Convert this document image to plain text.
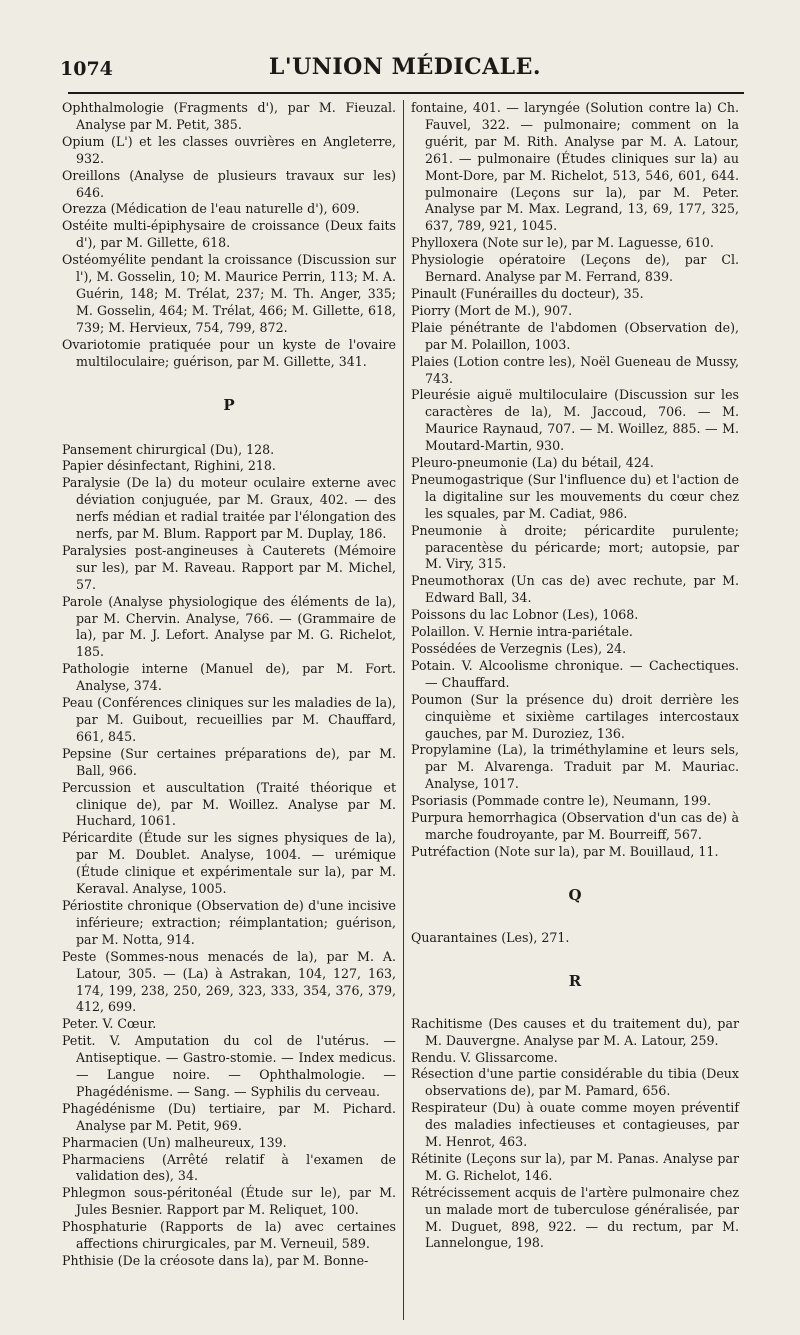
1074	L'UNION MÉDICALE.

Ophthalmologie (Fragments d'), par M. Fieuzal. Analyse par M. Petit, 385.

Opium (L') et les classes ouvrières en Angleterre, 932.

Oreillons (Analyse de plusieurs travaux sur les) 646.

Orezza (Médication de l'eau naturelle d'), 609.

Ostéite multi-épiphysaire de croissance (Deux faits d'), par M. Gillette, 618.

Ostéomyélite pendant la croissance (Discussion sur l'), M. Gosselin, 10; M. Maurice Perrin, 113; M. A. Guérin, 148; M. Trélat, 237; M. Th. Anger, 335; M. Gosselin, 464; M. Trélat, 466; M. Gillette, 618, 739; M. Hervieux, 754, 799, 872.

Ovariotomie pratiquée pour un kyste de l'ovaire multiloculaire; guérison, par M. Gillette, 341.

P

Pansement chirurgical (Du), 128.

Papier désinfectant, Righini, 218.

Paralysie (De la) du moteur oculaire externe avec déviation conjuguée, par M. Graux, 402. — des nerfs médian et radial traitée par l'élongation des nerfs, par M. Blum. Rapport par M. Duplay, 186.

Paralysies post-angineuses à Cauterets (Mémoire sur les), par M. Raveau. Rapport par M. Michel, 57.

Parole (Analyse physiologique des éléments de la), par M. Chervin. Analyse, 766. — (Grammaire de la), par M. J. Lefort. Analyse par M. G. Richelot, 185.

Pathologie interne (Manuel de), par M. Fort. Analyse, 374.

Peau (Conférences cliniques sur les maladies de la), par M. Guibout, recueillies par M. Chauffard, 661, 845.

Pepsine (Sur certaines préparations de), par M. Ball, 966.

Percussion et auscultation (Traité théorique et clinique de), par M. Woillez. Analyse par M. Huchard, 1061.

Péricardite (Étude sur les signes physiques de la), par M. Doublet. Analyse, 1004. — urémique (Étude clinique et expérimentale sur la), par M. Keraval. Analyse, 1005.

Périostite chronique (Observation de) d'une incisive inférieure; extraction; réimplantation; guérison, par M. Notta, 914.

Peste (Sommes-nous menacés de la), par M. A. Latour, 305. — (La) à Astrakan, 104, 127, 163, 174, 199, 238, 250, 269, 323, 333, 354, 376, 379, 412, 699.

Peter. V. Cœur.

Petit. V. Amputation du col de l'utérus. — Antiseptique. — Gastro-stomie. — Index medicus. — Langue noire. — Ophthalmologie. — Phagédénisme. — Sang. — Syphilis du cerveau.

Phagédénisme (Du) tertiaire, par M. Pichard. Analyse par M. Petit, 969.

Pharmacien (Un) malheureux, 139.

Pharmaciens (Arrêté relatif à l'examen de validation des), 34.

Phlegmon sous-péritonéal (Étude sur le), par M. Jules Besnier. Rapport par M. Reliquet, 100.

Phosphaturie (Rapports de la) avec certaines affections chirurgicales, par M. Verneuil, 589.

Phthisie (De la créosote dans la), par M. Bonne-

fontaine, 401. — laryngée (Solution contre la) Ch. Fauvel, 322. — pulmonaire; comment on la guérit, par M. Rith. Analyse par M. A. Latour, 261. — pulmonaire (Études cliniques sur la) au Mont-Dore, par M. Richelot, 513, 546, 601, 644. pulmonaire (Leçons sur la), par M. Peter. Analyse par M. Max. Legrand, 13, 69, 177, 325, 637, 789, 921, 1045.

Phylloxera (Note sur le), par M. Laguesse, 610.

Physiologie opératoire (Leçons de), par Cl. Bernard. Analyse par M. Ferrand, 839.

Pinault (Funérailles du docteur), 35.

Piorry (Mort de M.), 907.

Plaie pénétrante de l'abdomen (Observation de), par M. Polaillon, 1003.

Plaies (Lotion contre les), Noël Gueneau de Mussy, 743.

Pleurésie aiguë multiloculaire (Discussion sur les caractères de la), M. Jaccoud, 706. — M. Maurice Raynaud, 707. — M. Woillez, 885. — M. Moutard-Martin, 930.

Pleuro-pneumonie (La) du bétail, 424.

Pneumogastrique (Sur l'influence du) et l'action de la digitaline sur les mouvements du cœur chez les squales, par M. Cadiat, 986.

Pneumonie à droite; péricardite purulente; paracentèse du péricarde; mort; autopsie, par M. Viry, 315.

Pneumothorax (Un cas de) avec rechute, par M. Edward Ball, 34.

Poissons du lac Lobnor (Les), 1068.

Polaillon. V. Hernie intra-pariétale.

Possédées de Verzegnis (Les), 24.

Potain. V. Alcoolisme chronique. — Cachectiques. — Chauffard.

Poumon (Sur la présence du) droit derrière les cinquième et sixième cartilages intercostaux gauches, par M. Duroziez, 136.

Propylamine (La), la triméthylamine et leurs sels, par M. Alvarenga. Traduit par M. Mauriac. Analyse, 1017.

Psoriasis (Pommade contre le), Neumann, 199.

Purpura hemorrhagica (Observation d'un cas de) à marche foudroyante, par M. Bourreiff, 567.

Putréfaction (Note sur la), par M. Bouillaud, 11.

Q

Quarantaines (Les), 271.

R

Rachitisme (Des causes et du traitement du), par M. Dauvergne. Analyse par M. A. Latour, 259.

Rendu. V. Glissarcome.

Résection d'une partie considérable du tibia (Deux observations de), par M. Pamard, 656.

Respirateur (Du) à ouate comme moyen préventif des maladies infectieuses et contagieuses, par M. Henrot, 463.

Rétinite (Leçons sur la), par M. Panas. Analyse par M. G. Richelot, 146.

Rétrécissement acquis de l'artère pulmonaire chez un malade mort de tuberculose généralisée, par M. Duguet, 898, 922. — du rectum, par M. Lannelongue, 198.
